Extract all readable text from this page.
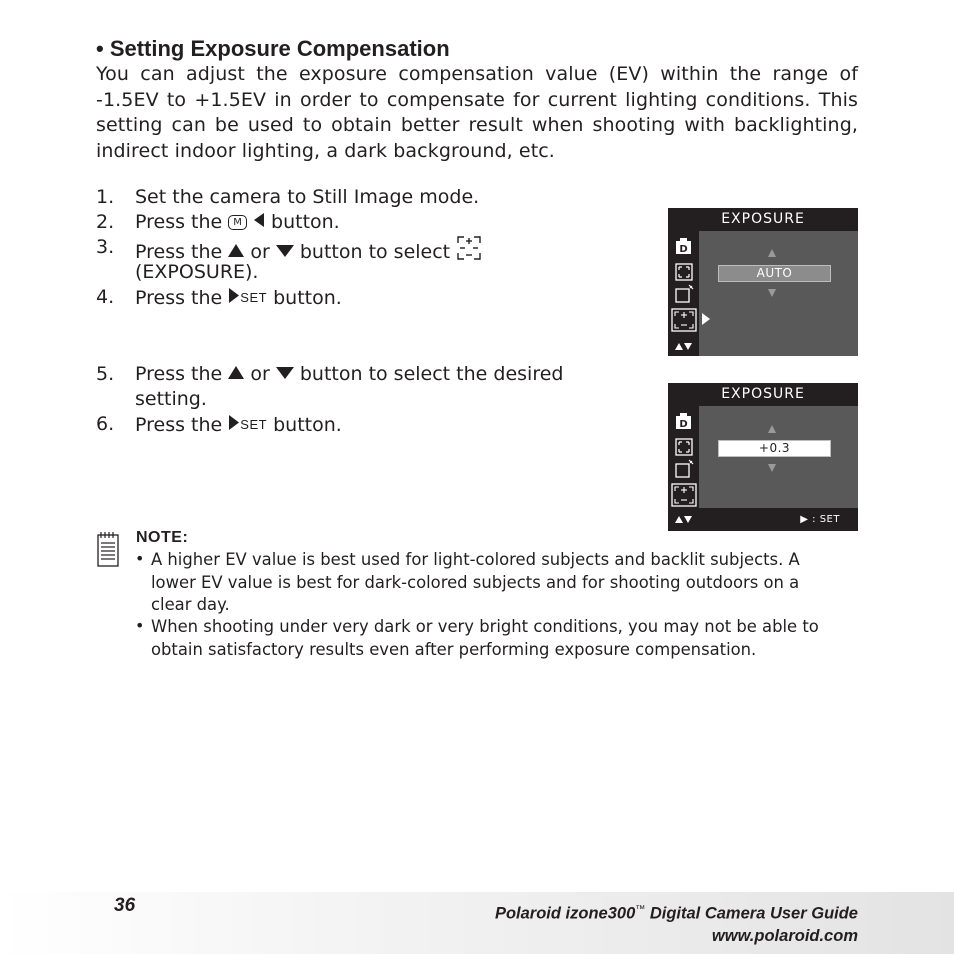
• Setting Exposure Compensation
You can adjust the exposure compensation value (EV) within the range of -1.5EV to +1.5EV in order to compensate for current lighting conditions. This setting can be used to obtain better result when shooting with backlighting, indirect indoor lighting, a dark background, etc.
1.	Set the camera to Still Image mode.
2.	Press the M button.
3.	Press the or button to select
(EXPOSURE).
4.	Press the SET button.
5.	Press the or button to select the desired
setting.
6.	Press the SET button.
EXPOSURE
D
AUTO
EXPOSURE
D
▶ : SET
+0.3
NOTE:
• A higher EV value is best used for light-colored subjects and backlit subjects. A lower EV value is best for dark-colored subjects and for shooting outdoors on a clear day.
• When shooting under very dark or very bright conditions, you may not be able to obtain satisfactory results even after performing exposure compensation.
36	Polaroid izone300™ Digital Camera User Guide
www.polaroid.com
